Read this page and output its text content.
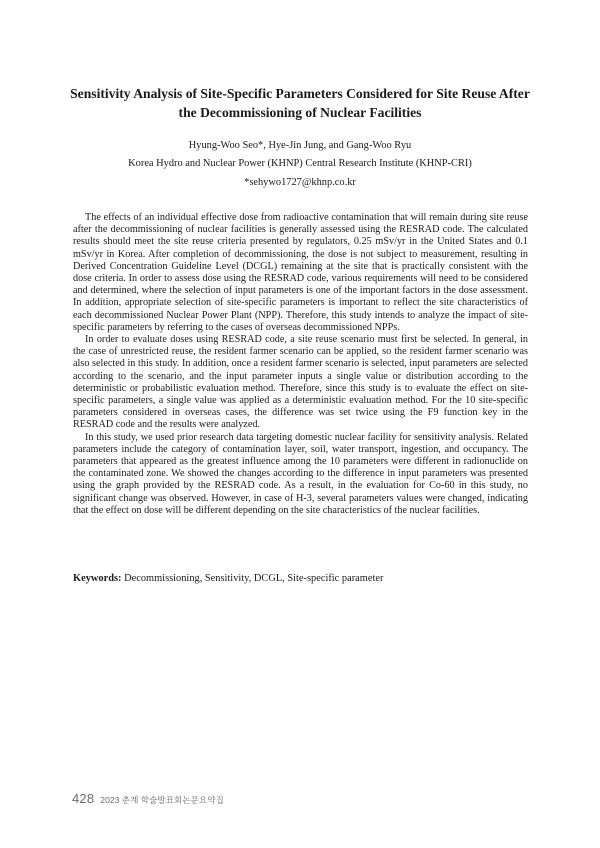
Sensitivity Analysis of Site-Specific Parameters Considered for Site Reuse After
the Decommissioning of Nuclear Facilities
Hyung-Woo Seo*, Hye-Jin Jung, and Gang-Woo Ryu
Korea Hydro and Nuclear Power (KHNP) Central Research Institute (KHNP-CRI)
*sehywo1727@khnp.co.kr

The effects of an individual effective dose from radioactive contamination that will remain during site reuse after the decommissioning of nuclear facilities is generally assessed using the RESRAD code. The calculated results should meet the site reuse criteria presented by regulators, 0.25 mSv/yr in the United States and 0.1 mSv/yr in Korea. After completion of decommissioning, the dose is not subject to measurement, resulting in Derived Concentration Guideline Level (DCGL) remaining at the site that is practically consistent with the dose criteria. In order to assess dose using the RESRAD code, various requirements will need to be considered and determined, where the selection of input parameters is one of the important factors in the dose assessment. In addition, appropriate selection of site-specific parameters is important to reflect the site characteristics of each decommissioned Nuclear Power Plant (NPP). Therefore, this study intends to analyze the impact of site-specific parameters by referring to the cases of overseas decommissioned NPPs.

In order to evaluate doses using RESRAD code, a site reuse scenario must first be selected. In general, in the case of unrestricted reuse, the resident farmer scenario can be applied, so the resident farmer scenario was also selected in this study. In addition, once a resident farmer scenario is selected, input parameters are selected according to the scenario, and the input parameter inputs a single value or distribution according to the deterministic or probabilistic evaluation method. Therefore, since this study is to evaluate the effect on site-specific parameters, a single value was applied as a deterministic evaluation method. For the 10 site-specific parameters considered in overseas cases, the difference was set twice using the F9 function key in the RESRAD code and the results were analyzed.

In this study, we used prior research data targeting domestic nuclear facility for sensitivity analysis. Related parameters include the category of contamination layer, soil, water transport, ingestion, and occupancy. The parameters that appeared as the greatest influence among the 10 parameters were different in radionuclide on the contaminated zone. We showed the changes according to the difference in input parameters was presented using the graph provided by the RESRAD code. As a result, in the evaluation for Co-60 in this study, no significant change was observed. However, in case of H-3, several parameters values were changed, indicating that the effect on dose will be different depending on the site characteristics of the nuclear facilities.

Keywords: Decommissioning, Sensitivity, DCGL, Site-specific parameter
428 2023 춘계 학술발표회논문요약집
